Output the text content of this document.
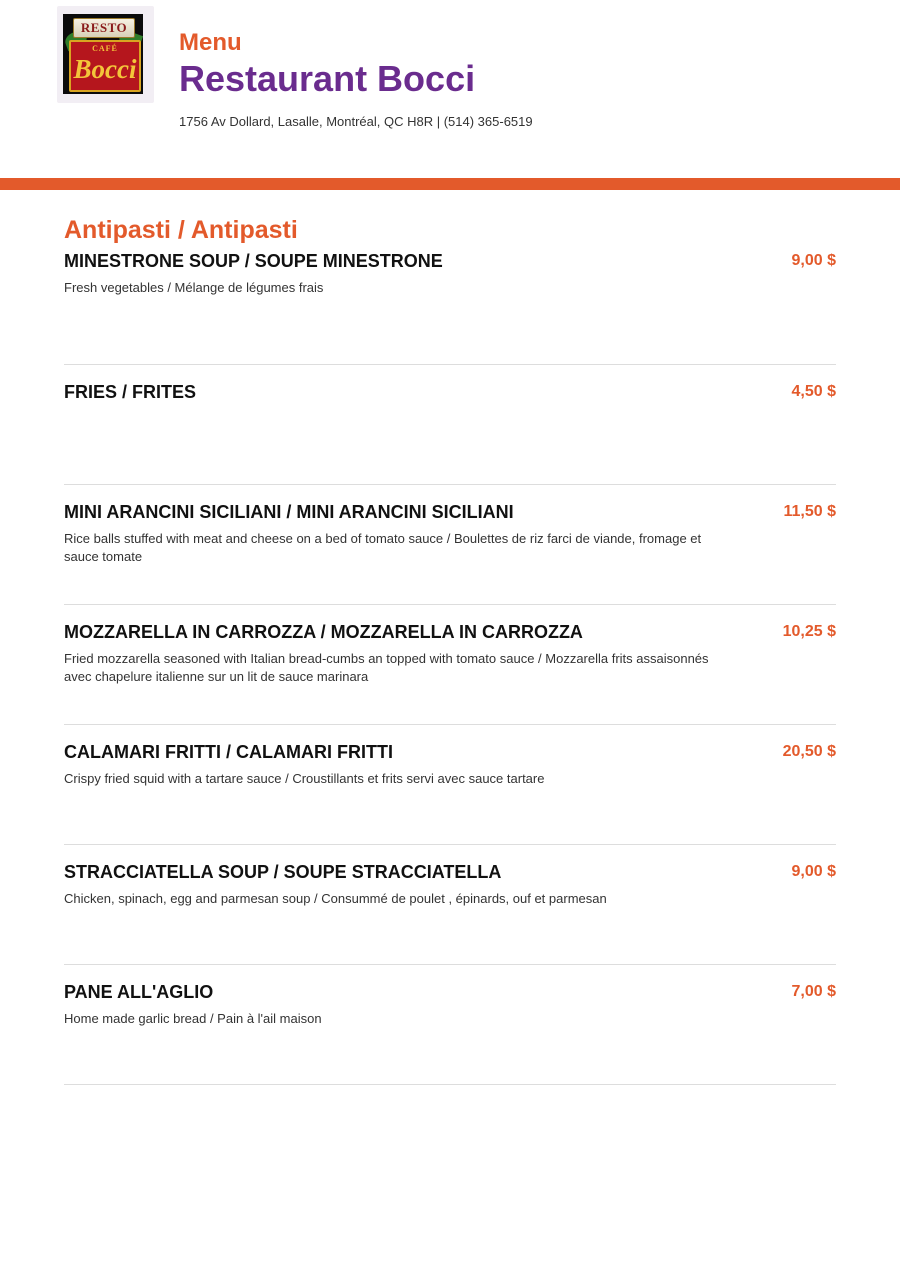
RESTO
CAFÉ
Bocci
Menu
Restaurant Bocci
1756 Av Dollard, Lasalle, Montréal, QC H8R | (514) 365-6519
Antipasti / Antipasti
MINESTRONE SOUP / SOUPE MINESTRONE	9,00 $
Fresh vegetables / Mélange de légumes frais
FRIES / FRITES	4,50 $
MINI ARANCINI SICILIANI / MINI ARANCINI SICILIANI	11,50 $
Rice balls stuffed with meat and cheese on a bed of tomato sauce / Boulettes de riz farci de viande, fromage et sauce tomate
MOZZARELLA IN CARROZZA / MOZZARELLA IN CARROZZA	10,25 $
Fried mozzarella seasoned with Italian bread-cumbs an topped with tomato sauce / Mozzarella frits assaisonnés avec chapelure italienne sur un lit de sauce marinara
CALAMARI FRITTI / CALAMARI FRITTI	20,50 $
Crispy fried squid with a tartare sauce / Croustillants et frits servi avec sauce tartare
STRACCIATELLA SOUP / SOUPE STRACCIATELLA	9,00 $
Chicken, spinach, egg and parmesan soup / Consummé de poulet , épinards, ouf et parmesan
PANE ALL'AGLIO	7,00 $
Home made garlic bread / Pain à l'ail maison
